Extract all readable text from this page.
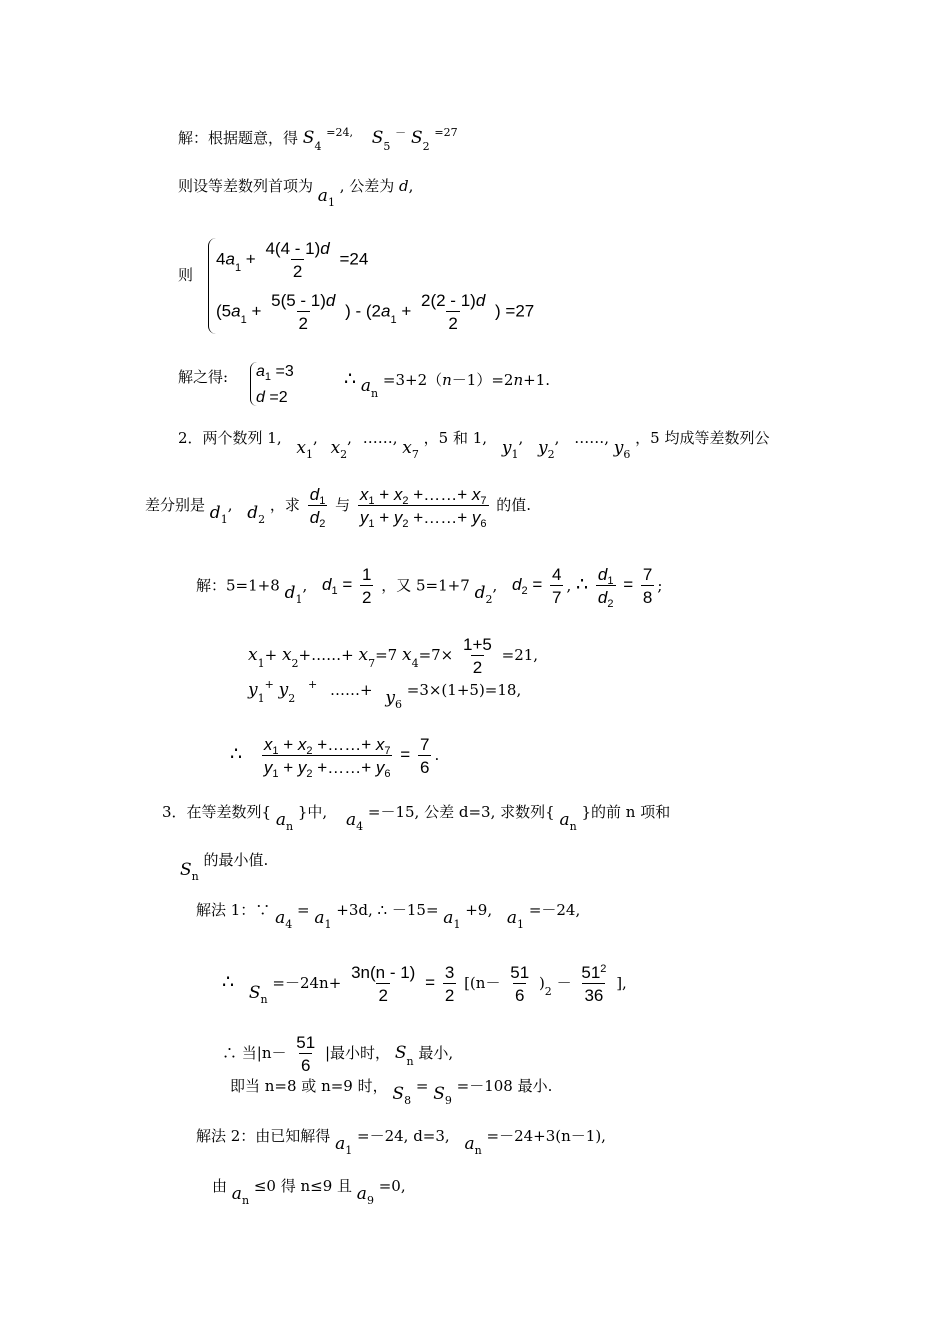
解：根据题意，得 $S_4$ $^{=24,}$ $S_5$ － $S_2$ $^{=27}$
则设等差数列首项为 $a_1$ , 公差为 d,
则
$4a_1 + \frac{4(4 - 1)d}{2} =24$
($5a_1 + \frac{5(5 - 1)d}{2}$ ) - ($2a_1 + \frac{2(2 - 1)d}{2}$ ) =27
解之得: $a_1 =3$
d =2
∴ $a_n =3+2(n-1)=2n+1$.
2．两个数列 1, $x_1$, $x_2$, ……, $x_7$ ，5 和 1, $y_1$, $y_2$, ……, $y_6$ ，5 均成等差数列公
差分别是 $d_1$, $d_2$ ，求 $\frac{d_1}{d_2}$ 与 $\frac{x_1 + x_2 +\dots\dots+ x_7}{y_1 + y_2 +\dots\dots+ y_6}$ 的值.
解：5=1+8 $d_1$, $d_1 = \frac{1}{2}$ ，又 5=1+7 $d_2$, $d_2 = \frac{4}{7}$ , ∴ $\frac{d_1}{d_2} = \frac{7}{8}$ ;
$x_1+$ $x_2+\dots\dots+ x_7=7$ $x_4=7\times \frac{1+5}{2} =21$,
$y_1^+$ $y_2$ + ……+ $y_6 =3\times(1+5)=18$,
∴ $\frac{x_1 + x_2 +\dots\dots+ x_7}{y_1 + y_2 +\dots\dots+ y_6} = \frac{7}{6}$ .
3．在等差数列{ $a_n$ }中, $a_4 =-15$, 公差 d=3, 求数列{ $a_n$ }的前 n 项和
$S_n$ 的最小值.
解法 1：∵ $a_4 = a_1 +3d$, ∴ $-15= a_1 +9$, $a_1 =-24$,
∴ $S_n =-24n+ \frac{3n(n - 1)}{2} = \frac{3}{2} [(n- \frac{51}{6} )_2 - \frac{51^2}{36}$ ],
∴ 当$|n- \frac{51}{6}$ |最小时， $S_n$ 最小,
即当 n=8 或 n=9 时， $S_8 = S_9 =-108$ 最小.
解法 2：由已知解得 $a_1 =-24$, d=3, $a_n =-24+3(n-1)$,
由 $a_n \le 0$ 得 n≤9 且 $a_9 =0$,
